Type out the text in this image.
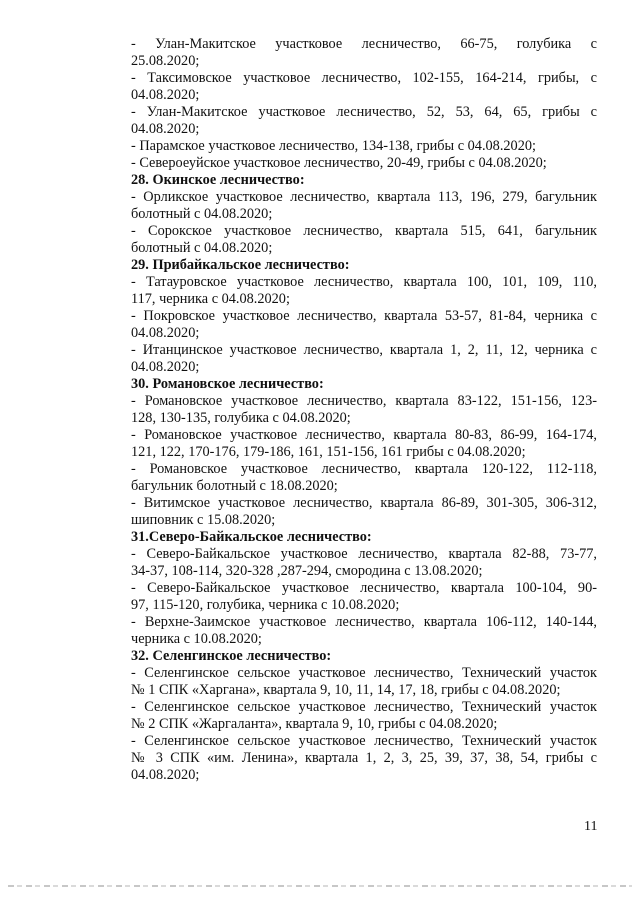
- Улан-Макитское участковое лесничество, 66-75, голубика с
25.08.2020;
- Таксимовское участковое лесничество, 102-155, 164-214, грибы, с
04.08.2020;
- Улан-Макитское участковое лесничество, 52, 53, 64, 65, грибы с
04.08.2020;
- Парамское участковое лесничество, 134-138, грибы с 04.08.2020;
- Североеуйское участковое лесничество, 20-49, грибы с 04.08.2020;
28. Окинское лесничество:
- Орликское участковое лесничество, квартала 113, 196, 279, багульник
болотный с 04.08.2020;
- Сорокское участковое лесничество, квартала 515, 641, багульник
болотный с 04.08.2020;
29. Прибайкальское лесничество:
- Татауровское участковое лесничество, квартала 100, 101, 109, 110,
117, черника с 04.08.2020;
- Покровское участковое лесничество, квартала 53-57, 81-84, черника с
04.08.2020;
- Итанцинское участковое лесничество, квартала 1, 2, 11, 12, черника с
04.08.2020;
30. Романовское лесничество:
- Романовское участковое лесничество, квартала 83-122, 151-156, 123-
128, 130-135, голубика с 04.08.2020;
- Романовское участковое лесничество, квартала 80-83, 86-99, 164-174,
121, 122, 170-176, 179-186, 161, 151-156, 161 грибы с 04.08.2020;
- Романовское участковое лесничество, квартала 120-122, 112-118,
багульник болотный с 18.08.2020;
- Витимское участковое лесничество, квартала 86-89, 301-305, 306-312,
шиповник с 15.08.2020;
31.Северо-Байкальское лесничество:
- Северо-Байкальское участковое лесничество, квартала 82-88, 73-77,
34-37, 108-114, 320-328 ,287-294, смородина с 13.08.2020;
- Северо-Байкальское участковое лесничество, квартала 100-104, 90-
97, 115-120, голубика, черника с 10.08.2020;
- Верхне-Заимское участковое лесничество, квартала 106-112, 140-144,
черника с 10.08.2020;
32. Селенгинское лесничество:
- Селенгинское сельское участковое лесничество, Технический участок
№ 1 СПК «Харгана», квартала 9, 10, 11, 14, 17, 18, грибы с 04.08.2020;
- Селенгинское сельское участковое лесничество, Технический участок
№ 2 СПК «Жаргаланта», квартала 9, 10, грибы с 04.08.2020;
- Селенгинское сельское участковое лесничество, Технический участок
№ 3 СПК «им. Ленина», квартала 1, 2, 3, 25, 39, 37, 38, 54, грибы с
04.08.2020;
11
